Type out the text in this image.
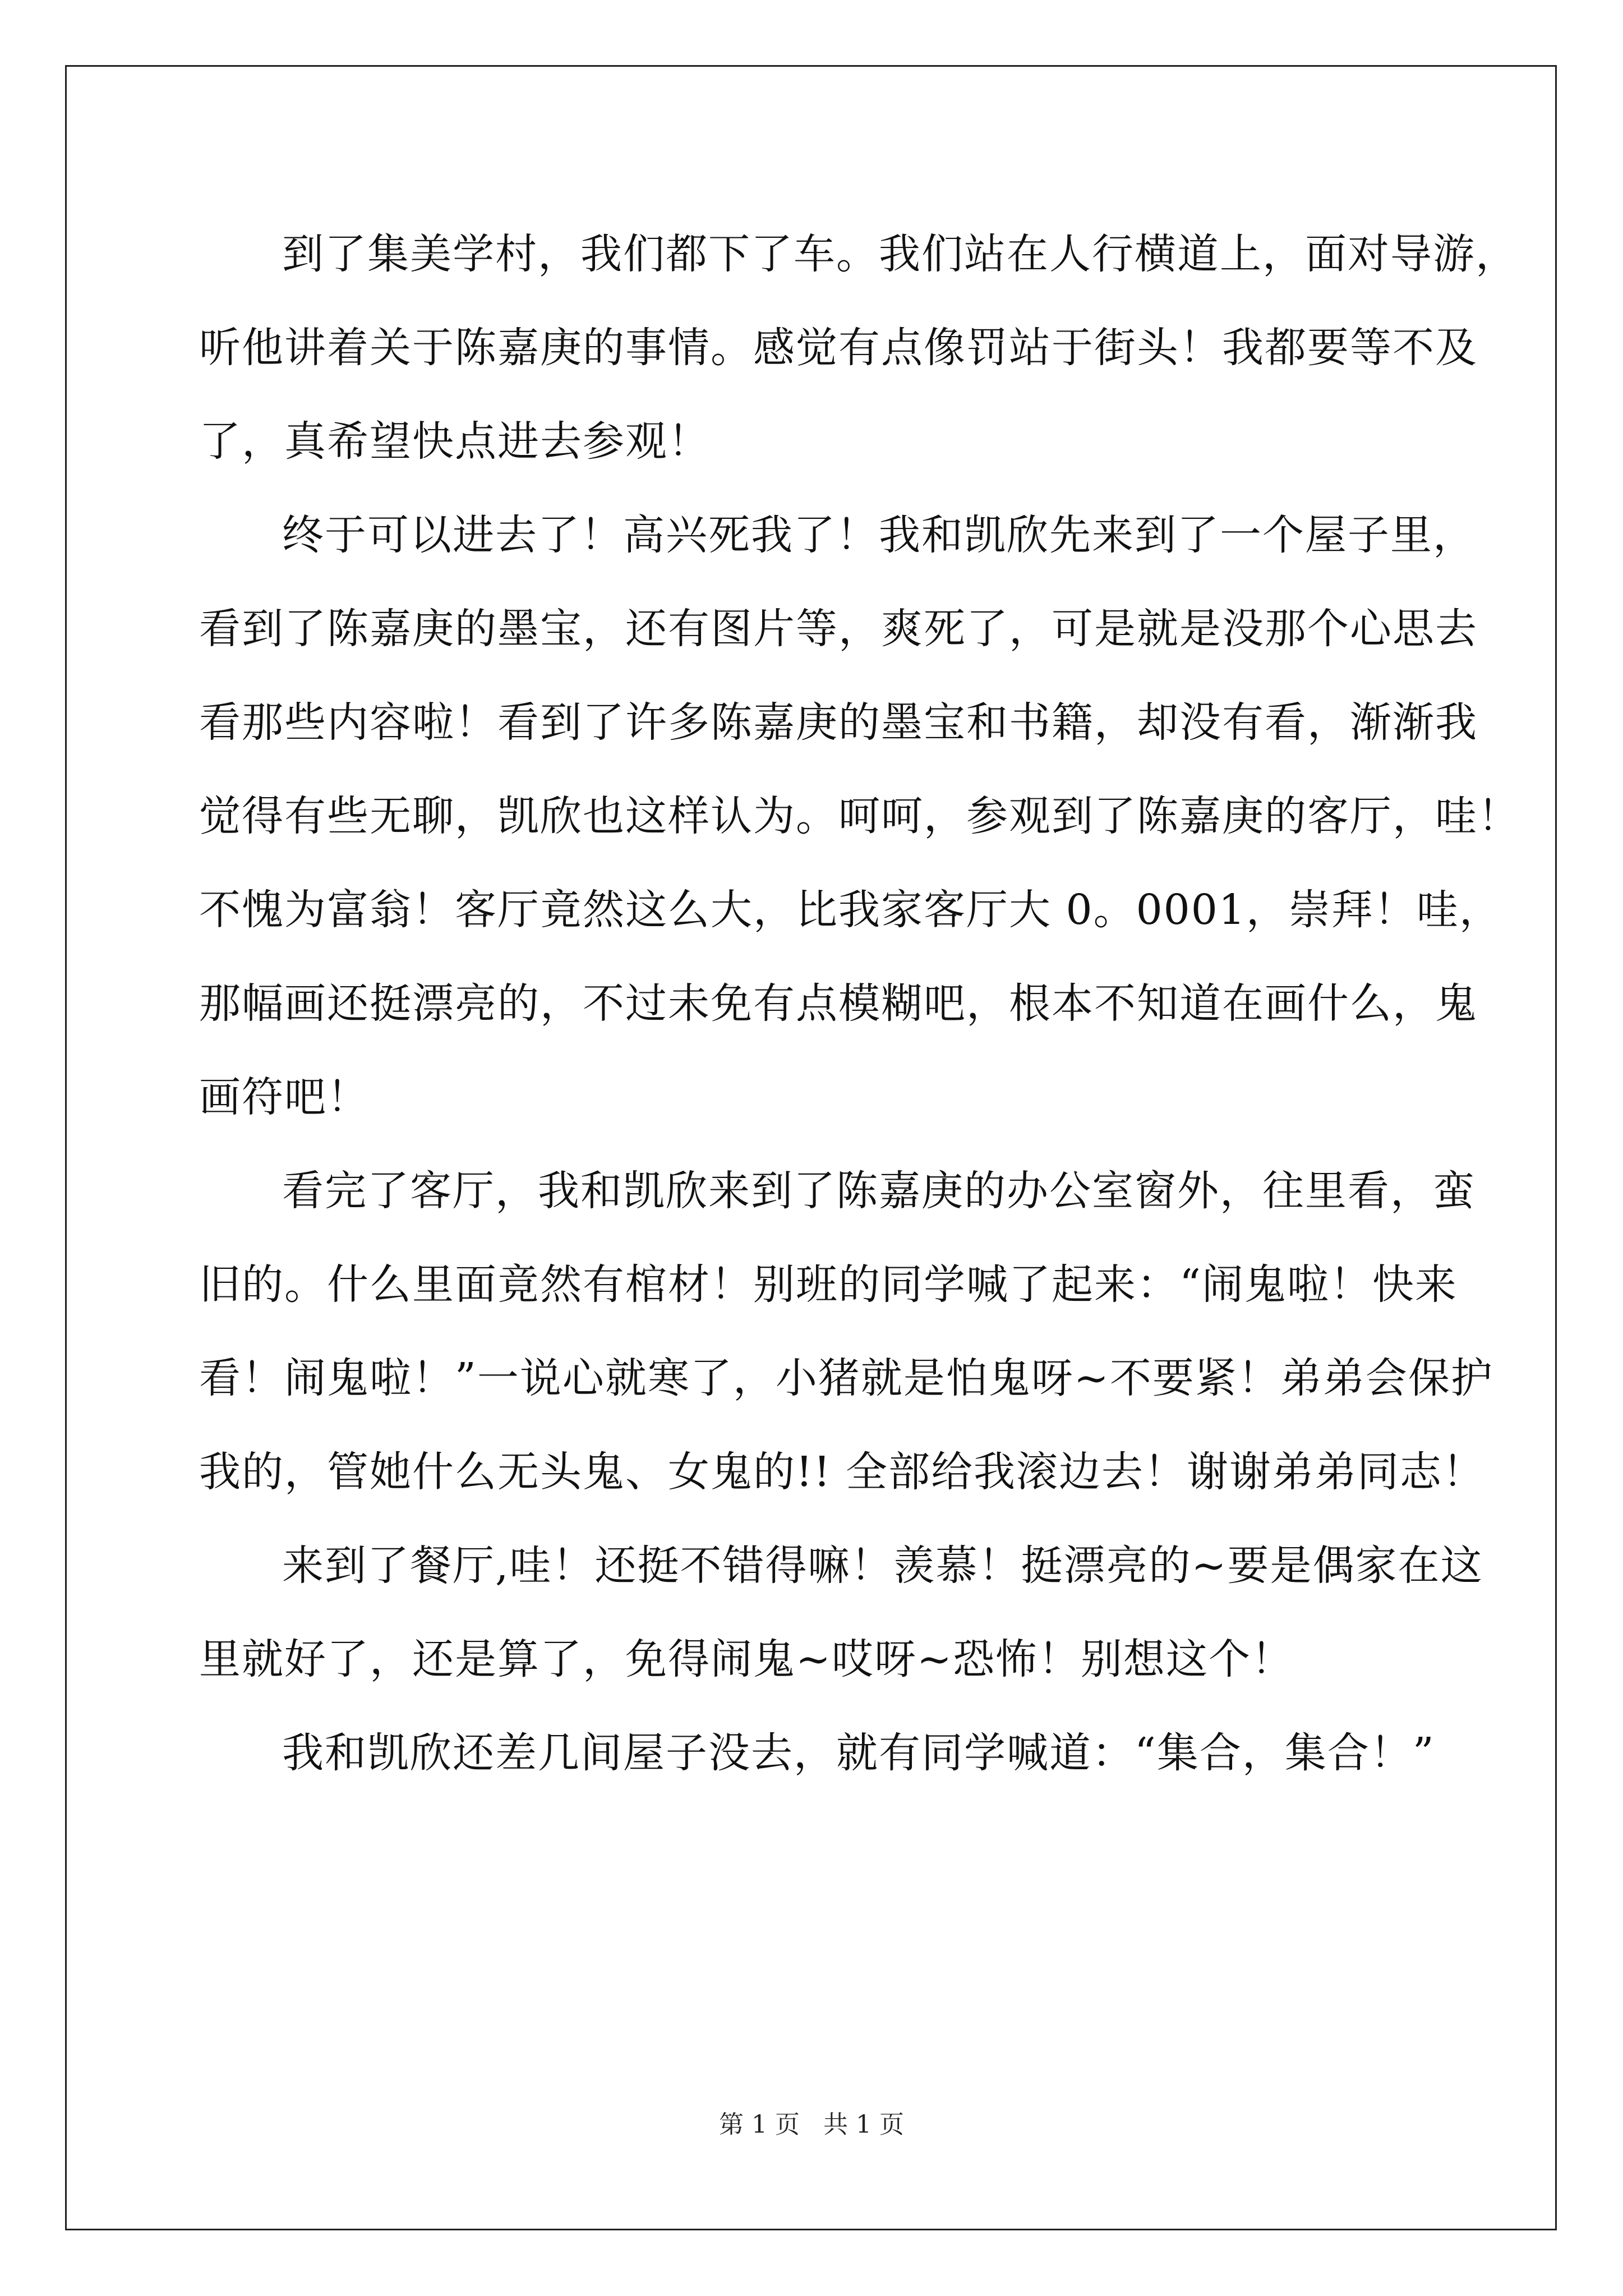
到了集美学村，我们都下了车。我们站在人行横道上，面对导游，
听他讲着关于陈嘉庚的事情。感觉有点像罚站于街头！我都要等不及
了，真希望快点进去参观！
终于可以进去了！高兴死我了！我和凯欣先来到了一个屋子里，
看到了陈嘉庚的墨宝，还有图片等，爽死了，可是就是没那个心思去
看那些内容啦！看到了许多陈嘉庚的墨宝和书籍，却没有看，渐渐我
觉得有些无聊，凯欣也这样认为。呵呵，参观到了陈嘉庚的客厅，哇！
不愧为富翁！客厅竟然这么大，比我家客厅大 0。0001，崇拜！哇，
那幅画还挺漂亮的，不过未免有点模糊吧，根本不知道在画什么，鬼
画符吧！
看完了客厅，我和凯欣来到了陈嘉庚的办公室窗外，往里看，蛮
旧的。什么里面竟然有棺材！别班的同学喊了起来：“闹鬼啦！快来
看！闹鬼啦！”一说心就寒了，小猪就是怕鬼呀~不要紧！弟弟会保护
我的，管她什么无头鬼、女鬼的!! 全部给我滚边去！谢谢弟弟同志！
来到了餐厅,哇！还挺不错得嘛！羡慕！挺漂亮的~要是偶家在这
里就好了，还是算了，免得闹鬼~哎呀~恐怖！别想这个！
我和凯欣还差几间屋子没去，就有同学喊道：“集合，集合！”
第 1 页   共 1 页
